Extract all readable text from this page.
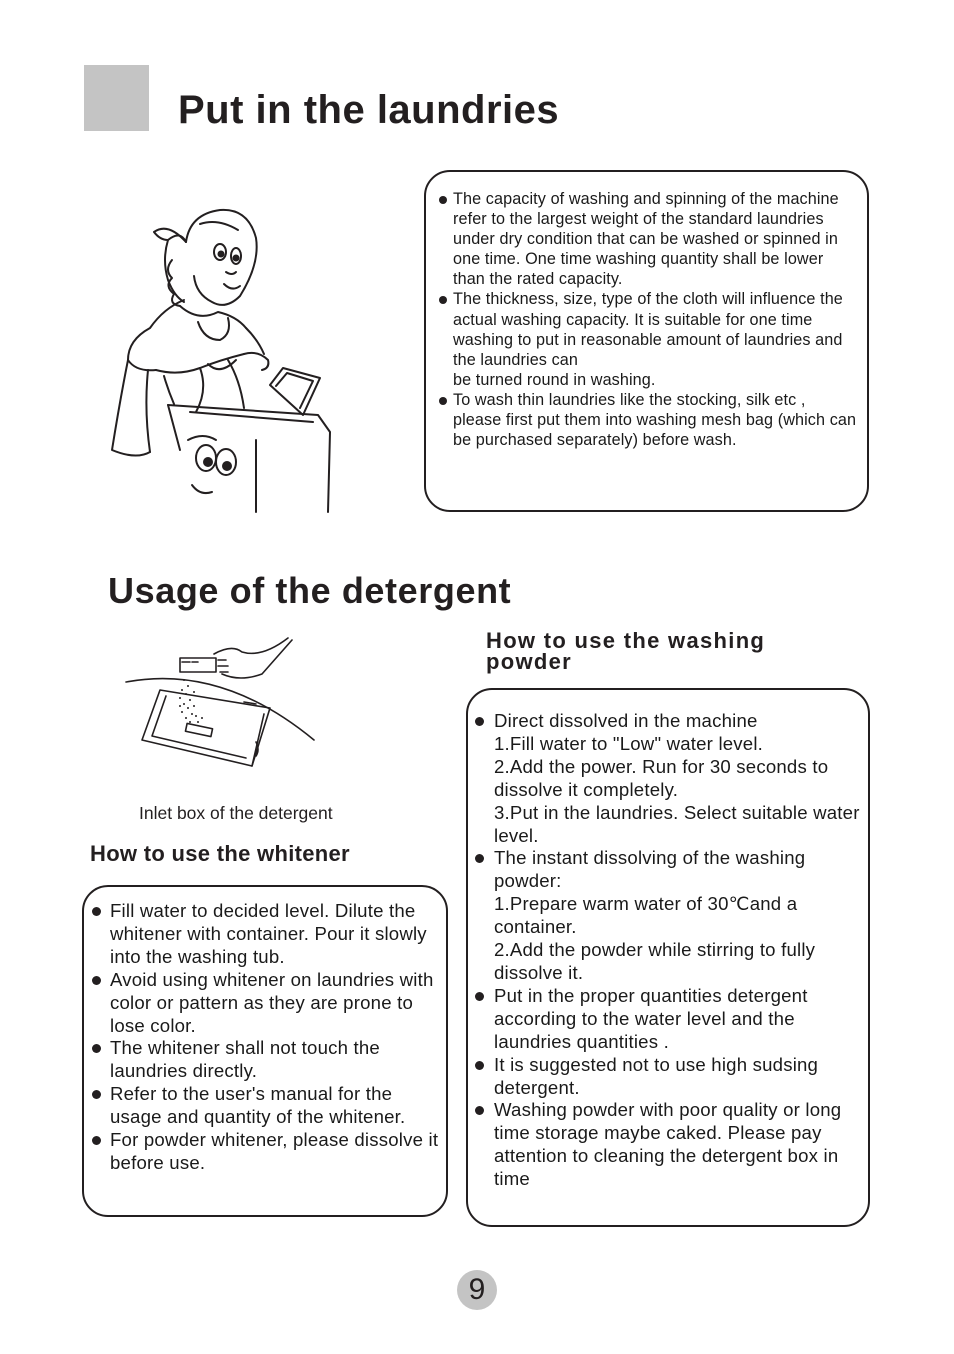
Put in the laundries
The capacity of washing and spinning of the machine refer to the largest weight of the standard laundries under dry condition that can be washed or spinned in one time. One time washing quantity shall be lower than the rated capacity.
The thickness, size, type of the cloth will influence the actual washing capacity. It is suitable for one time washing to put in reasonable amount of laundries and the laundries can
be turned round in washing.
To wash thin laundries like the stocking, silk etc , please first put them into washing mesh bag (which can be purchased separately) before wash.
Usage of the detergent
Inlet box of the detergent
How to use the whitener
Fill water to decided level. Dilute the whitener with container. Pour it slowly into the washing tub.
Avoid using whitener on laundries with color or pattern as they are prone to lose color.
The whitener shall not touch the laundries directly.
Refer to the user's manual for the usage and quantity of the whitener.
For powder whitener, please dissolve it before use.
How to use the washing
powder
Direct dissolved in the machine
1.Fill water to "Low" water level.
2.Add the power. Run for 30 seconds to dissolve it completely.
3.Put in the laundries. Select suitable water level.
The instant dissolving of the washing powder:
1.Prepare warm water of 30℃and a container.
2.Add the powder while stirring to fully dissolve it.
Put in the proper quantities detergent according to the water level and the laundries quantities .
It is suggested not to use high sudsing detergent.
Washing powder with poor quality or long time storage maybe caked. Please pay attention to cleaning the detergent box in time
9
